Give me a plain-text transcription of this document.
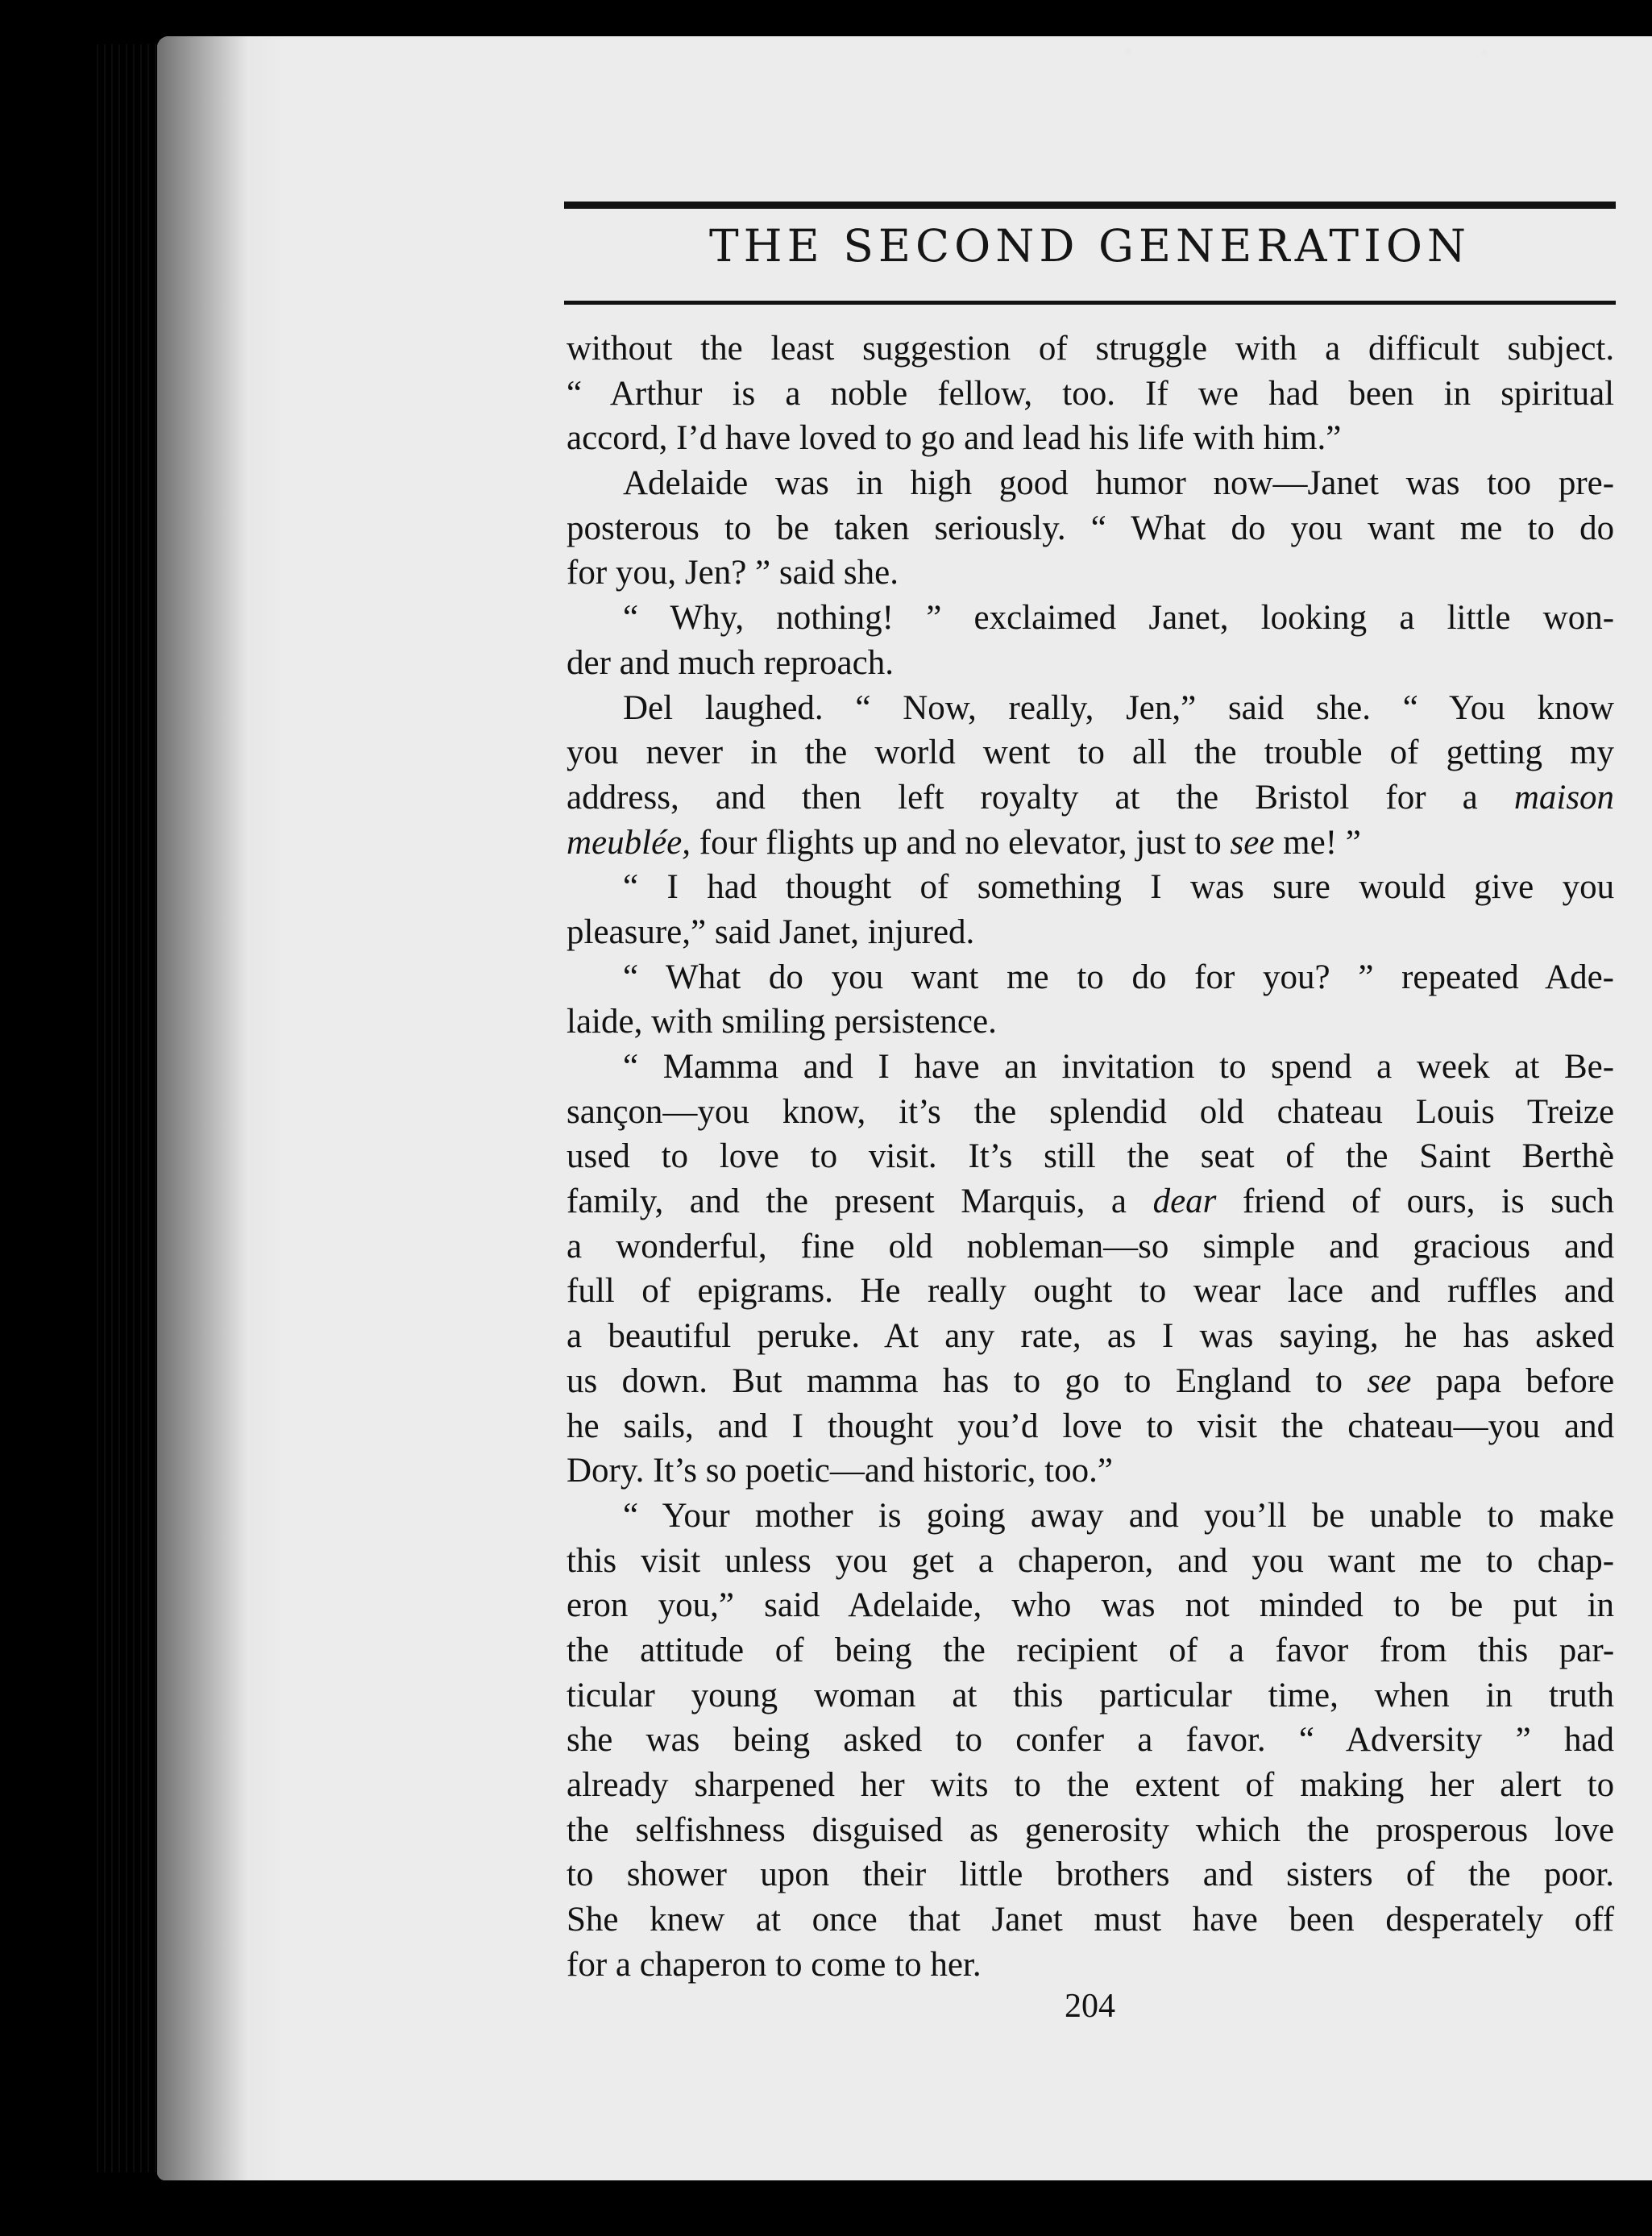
THE SECOND GENERATION
without the least suggestion of struggle with a difficult subject.
“ Arthur is a noble fellow, too. If we had been in spiritual
accord, I’d have loved to go and lead his life with him.”
Adelaide was in high good humor now—Janet was too pre-
posterous to be taken seriously. “ What do you want me to do
for you, Jen? ” said she.
“ Why, nothing! ” exclaimed Janet, looking a little won-
der and much reproach.
Del laughed. “ Now, really, Jen,” said she. “ You know
you never in the world went to all the trouble of getting my
address, and then left royalty at the Bristol for a maison
meublée, four flights up and no elevator, just to see me! ”
“ I had thought of something I was sure would give you
pleasure,” said Janet, injured.
“ What do you want me to do for you? ” repeated Ade-
laide, with smiling persistence.
“ Mamma and I have an invitation to spend a week at Be-
sançon—you know, it’s the splendid old chateau Louis Treize
used to love to visit. It’s still the seat of the Saint Berthè
family, and the present Marquis, a dear friend of ours, is such
a wonderful, fine old nobleman—so simple and gracious and
full of epigrams. He really ought to wear lace and ruffles and
a beautiful peruke. At any rate, as I was saying, he has asked
us down. But mamma has to go to England to see papa before
he sails, and I thought you’d love to visit the chateau—you and
Dory. It’s so poetic—and historic, too.”
“ Your mother is going away and you’ll be unable to make
this visit unless you get a chaperon, and you want me to chap-
eron you,” said Adelaide, who was not minded to be put in
the attitude of being the recipient of a favor from this par-
ticular young woman at this particular time, when in truth
she was being asked to confer a favor. “ Adversity ” had
already sharpened her wits to the extent of making her alert to
the selfishness disguised as generosity which the prosperous love
to shower upon their little brothers and sisters of the poor.
She knew at once that Janet must have been desperately off
for a chaperon to come to her.
204
